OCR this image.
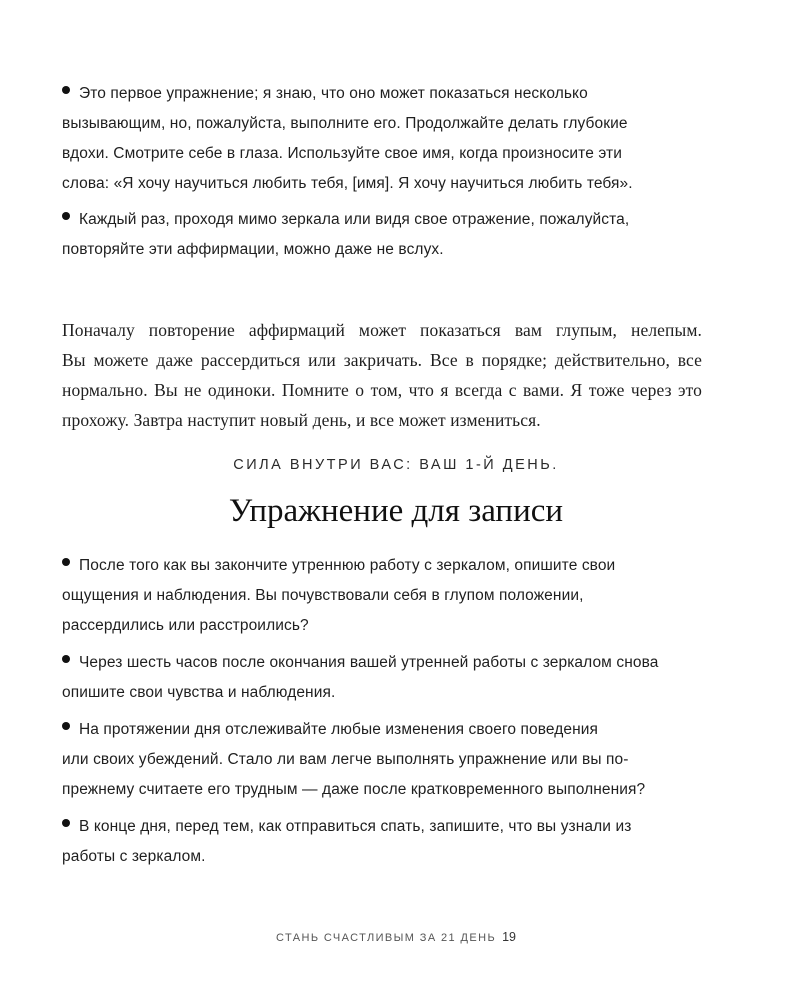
Это первое упражнение; я знаю, что оно может показаться несколько
вызывающим, но, пожалуйста, выполните его. Продолжайте делать глубокие
вдохи. Смотрите себе в глаза. Используйте свое имя, когда произносите эти
слова: «Я хочу научиться любить тебя, [имя]. Я хочу научиться любить тебя».
Каждый раз, проходя мимо зеркала или видя свое отражение, пожалуйста,
повторяйте эти аффирмации, можно даже не вслух.
Поначалу повторение аффирмаций может показаться вам глупым, нелепым.
Вы можете даже рассердиться или закричать. Все в порядке; действительно, все
нормально. Вы не одиноки. Помните о том, что я всегда с вами. Я тоже через это
прохожу. Завтра наступит новый день, и все может измениться.
СИЛА ВНУТРИ ВАС: ВАШ 1-Й ДЕНЬ.
Упражнение для записи
После того как вы закончите утреннюю работу с зеркалом, опишите свои
ощущения и наблюдения. Вы почувствовали себя в глупом положении,
рассердились или расстроились?
Через шесть часов после окончания вашей утренней работы с зеркалом снова
опишите свои чувства и наблюдения.
На протяжении дня отслеживайте любые изменения своего поведения
или своих убеждений. Стало ли вам легче выполнять упражнение или вы по-
прежнему считаете его трудным — даже после кратковременного выполнения?
В конце дня, перед тем, как отправиться спать, запишите, что вы узнали из
работы с зеркалом.
СТАНЬ СЧАСТЛИВЫМ ЗА 21 ДЕНЬ 19
